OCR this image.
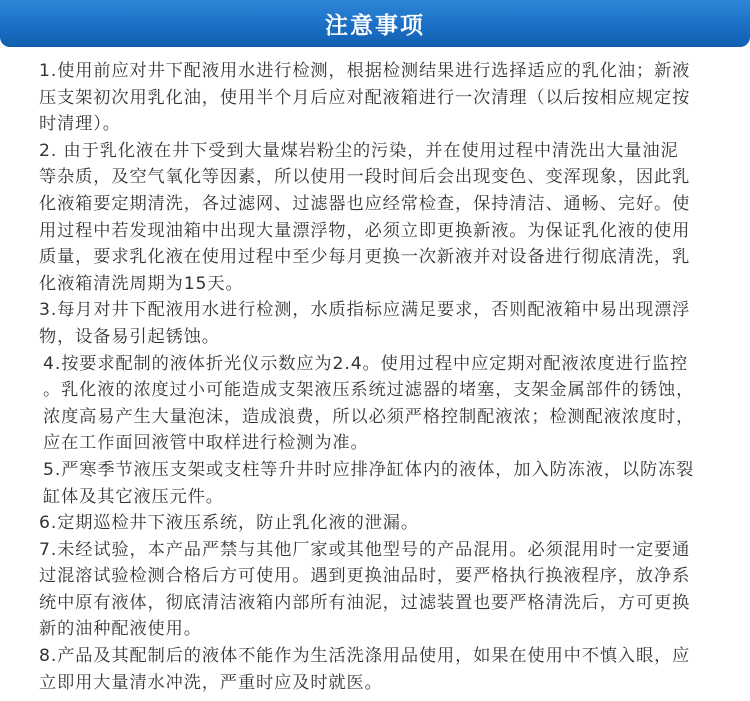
注意事项

1.使用前应对井下配液用水进行检测，根据检测结果进行选择适应的乳化油；新液
压支架初次用乳化油，使用半个月后应对配液箱进行一次清理（以后按相应规定按
时清理）。

2. 由于乳化液在井下受到大量煤岩粉尘的污染，并在使用过程中清洗出大量油泥
等杂质，及空气氧化等因素，所以使用一段时间后会出现变色、变浑现象，因此乳
化液箱要定期清洗，各过滤网、过滤器也应经常检查，保持清洁、通畅、完好。使
用过程中若发现油箱中出现大量漂浮物，必须立即更换新液。为保证乳化液的使用
质量，要求乳化液在使用过程中至少每月更换一次新液并对设备进行彻底清洗，乳
化液箱清洗周期为15天。

3.每月对井下配液用水进行检测，水质指标应满足要求，否则配液箱中易出现漂浮
物，设备易引起锈蚀。

4.按要求配制的液体折光仪示数应为2.4。使用过程中应定期对配液浓度进行监控
。乳化液的浓度过小可能造成支架液压系统过滤器的堵塞，支架金属部件的锈蚀，
浓度高易产生大量泡沫，造成浪费，所以必须严格控制配液浓；检测配液浓度时，
应在工作面回液管中取样进行检测为准。

5.严寒季节液压支架或支柱等升井时应排净缸体内的液体，加入防冻液，以防冻裂
缸体及其它液压元件。

6.定期巡检井下液压系统，防止乳化液的泄漏。

7.未经试验，本产品严禁与其他厂家或其他型号的产品混用。必须混用时一定要通
过混溶试验检测合格后方可使用。遇到更换油品时，要严格执行换液程序，放净系
统中原有液体，彻底清洁液箱内部所有油泥，过滤装置也要严格清洗后，方可更换
新的油种配液使用。

8.产品及其配制后的液体不能作为生活洗涤用品使用，如果在使用中不慎入眼，应
立即用大量清水冲洗，严重时应及时就医。
